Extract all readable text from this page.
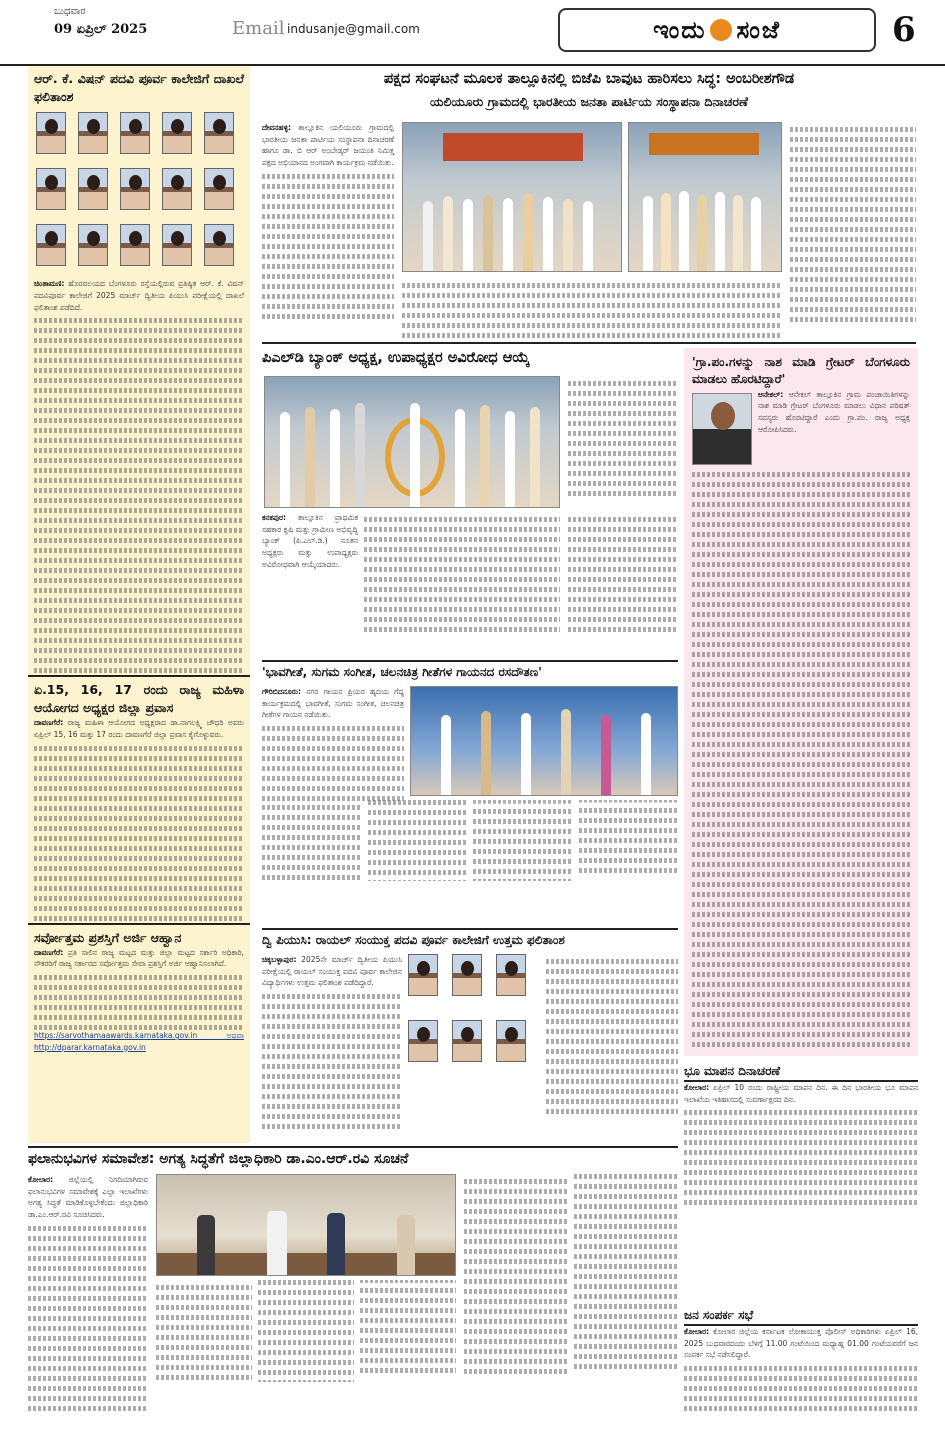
ಬುಧವಾರ
09 ಏಪ್ರಿಲ್ 2025	Email indusanje@gmail.com	ಇಂದು ಸಂಜೆ	6
ಆರ್. ಕೆ. ವಿಷನ್ ಪದವಿ ಪೂರ್ವ ಕಾಲೇಜಿಗೆ ದಾಖಲೆ ಫಲಿತಾಂಶ
ಚಿಂತಾಮಣಿ: ಹೊರವಲಯದ ಬೆಂಗಳೂರು ರಸ್ತೆಯಲ್ಲಿರುವ ಪ್ರತಿಷ್ಠಿತ ಆರ್. ಕೆ. ವಿಷನ್ ಪದವಿಪೂರ್ವ ಕಾಲೇಜಿಗೆ 2025 ಮಾರ್ಚ್ ದ್ವಿತೀಯ ಪಿಯುಸಿ ಪರೀಕ್ಷೆಯಲ್ಲಿ ದಾಖಲೆ ಫಲಿತಾಂಶ ಪಡೆದಿದೆ.
ಏ.15, 16, 17 ರಂದು ರಾಜ್ಯ ಮಹಿಳಾ ಆಯೋಗದ ಅಧ್ಯಕ್ಷರ ಜಿಲ್ಲಾ ಪ್ರವಾಸ
ದಾವಣಗೆರೆ: ರಾಜ್ಯ ಮಹಿಳಾ ಆಯೋಗದ ಅಧ್ಯಕ್ಷರಾದ ಡಾ.ನಾಗಲಕ್ಷ್ಮಿ ಚೌಧರಿ ಅವರು ಏಪ್ರಿಲ್ 15, 16 ಮತ್ತು 17 ರಂದು ದಾವಣಗೆರೆ ಜಿಲ್ಲಾ ಪ್ರವಾಸ ಕೈಗೊಳ್ಳುವರು.
ಸರ್ವೋತ್ತಮ ಪ್ರಶಸ್ತಿಗೆ ಅರ್ಜಿ ಆಹ್ವಾನ
ದಾವಣಗೆರೆ: ಪ್ರತಿ ಸಾಲಿನ ರಾಜ್ಯ ಮಟ್ಟದ ಮತ್ತು ಜಿಲ್ಲಾ ಮಟ್ಟದ ಸರ್ಕಾರಿ ಅಧಿಕಾರಿ, ನೌಕರರಿಗೆ ರಾಜ್ಯ ಸರ್ಕಾರದ ಸರ್ವೋತ್ತಮ ಸೇವಾ ಪ್ರಶಸ್ತಿಗೆ ಅರ್ಜಿ ಆಹ್ವಾನಿಸಲಾಗಿದೆ.
https://sarvothamaawards.karnataka.gov.in ಅಥವಾ http://dparar.karnataka.gov.in
ಪಕ್ಷದ ಸಂಘಟನೆ ಮೂಲಕ ತಾಲ್ಲೂಕಿನಲ್ಲಿ ಬಿಜೆಪಿ ಬಾವುಟ ಹಾರಿಸಲು ಸಿದ್ಧ: ಅಂಬರೀಶಗೌಡ
ಯಲಿಯೂರು ಗ್ರಾಮದಲ್ಲಿ ಭಾರತೀಯ ಜನತಾ ಪಾರ್ಟಿಯ ಸಂಸ್ಥಾಪನಾ ದಿನಾಚರಣೆ
ದೇವನಹಳ್ಳಿ: ತಾಲ್ಲೂಕಿನ ಯಲಿಯೂರು ಗ್ರಾಮದಲ್ಲಿ ಭಾರತೀಯ ಜನತಾ ಪಾರ್ಟಿಯ ಸಂಸ್ಥಾಪನಾ ದಿನಾಚರಣೆ ಹಾಗೂ ಡಾ. ಬಿ ಆರ್ ಅಂಬೇಡ್ಕರ್ ಜಯಂತಿ ನಿಮಿತ್ತ ಪಕ್ಷದ ಅಭಿಯಾನದ ಅಂಗವಾಗಿ ಕಾರ್ಯಕ್ರಮ ನಡೆಯಿತು.
ಪಿಎಲ್‌ಡಿ ಬ್ಯಾಂಕ್ ಅಧ್ಯಕ್ಷ, ಉಪಾಧ್ಯಕ್ಷರ ಅವಿರೋಧ ಆಯ್ಕೆ
ಕನಕಪುರ: ತಾಲ್ಲೂಕಿನ ಪ್ರಾಥಮಿಕ ಸಹಕಾರ ಕೃಷಿ ಮತ್ತು ಗ್ರಾಮೀಣ ಅಭಿವೃದ್ಧಿ ಬ್ಯಾಂಕ್ (ಪಿ.ಎಲ್.ಡಿ.) ನೂತನ ಅಧ್ಯಕ್ಷರು ಮತ್ತು ಉಪಾಧ್ಯಕ್ಷರು ಅವಿರೋಧವಾಗಿ ಆಯ್ಕೆಯಾದರು.
'ಭಾವಗೀತೆ, ಸುಗಮ ಸಂಗೀತ, ಚಲನಚಿತ್ರ ಗೀತೆಗಳ ಗಾಯನದ ರಸದೌತಣ'
ಗೌರಿಬಿದನೂರು: ನಗರ ಗಾಯನ ಪ್ರಿಯರ ಹೃದಯ ಗೆದ್ದ ಕಾರ್ಯಕ್ರಮದಲ್ಲಿ ಭಾವಗೀತೆ, ಸುಗಮ ಸಂಗೀತ, ಚಲನಚಿತ್ರ ಗೀತೆಗಳ ಗಾಯನ ನಡೆಯಿತು.
ದ್ವಿ ಪಿಯುಸಿ: ರಾಯಲ್ ಸಂಯುಕ್ತ ಪದವಿ ಪೂರ್ವ ಕಾಲೇಜಿಗೆ ಉತ್ತಮ ಫಲಿತಾಂಶ
ಚಿಕ್ಕಬಳ್ಳಾಪುರ: 2025ನೇ ಮಾರ್ಚ್ ದ್ವಿತೀಯ ಪಿಯುಸಿ ಪರೀಕ್ಷೆಯಲ್ಲಿ ರಾಯಲ್ ಸಂಯುಕ್ತ ಪದವಿ ಪೂರ್ವ ಕಾಲೇಜಿನ ವಿದ್ಯಾರ್ಥಿಗಳು ಉತ್ತಮ ಫಲಿತಾಂಶ ಪಡೆದಿದ್ದಾರೆ.
'ಗ್ರಾ.ಪಂ.ಗಳನ್ನು ನಾಶ ಮಾಡಿ ಗ್ರೇಟರ್ ಬೆಂಗಳೂರು ಮಾಡಲು ಹೊರಟಿದ್ದಾರೆ'
ಆನೇಕಲ್: ಆನೇಕಲ್ ತಾಲ್ಲೂಕಿನ ಗ್ರಾಮ ಪಂಚಾಯಿತಿಗಳನ್ನು ನಾಶ ಮಾಡಿ ಗ್ರೇಟರ್ ಬೆಂಗಳೂರು ಮಾಡಲು ವಿಧಾನ ಪರಿಷತ್ ಸದಸ್ಯರು ಹೊರಟಿದ್ದಾರೆ ಎಂದು ಗ್ರಾ.ಪಂ. ರಾಜ್ಯ ಅಧ್ಯಕ್ಷ ಆರೋಪಿಸಿದರು.
ಭೂ ಮಾಪನ ದಿನಾಚರಣೆ
ಕೋಲಾರ: ಏಪ್ರಿಲ್ 10 ರಂದು ರಾಷ್ಟ್ರೀಯ ಮಾಪನ ದಿನ. ಈ ದಿನ ಭಾರತೀಯ ಭೂ ಮಾಪನ ಇಲಾಖೆಯ ಇತಿಹಾಸದಲ್ಲಿ ಸುವರ್ಣಾಕ್ಷರದ ದಿನ.
ಜನ ಸಂಪರ್ಕ ಸಭೆ
ಕೋಲಾರ: ಕೋಲಾರ ಜಿಲ್ಲೆಯ ಕರ್ನಾಟಕ ಲೋಕಾಯುಕ್ತ ಪೊಲೀಸ್ ಅಧಿಕಾರಿಗಳು ಏಪ್ರಿಲ್ 16, 2025 ಬುಧವಾರದಂದು ಬೆಳಿಗ್ಗೆ 11.00 ಗಂಟೆಯಿಂದ ಮಧ್ಯಾಹ್ನ 01.00 ಗಂಟೆಯವರೆಗೆ ಜನ ಸಂಪರ್ಕ ಸಭೆ ನಡೆಸಲಿದ್ದಾರೆ.
ಫಲಾನುಭವಿಗಳ ಸಮಾವೇಶ: ಅಗತ್ಯ ಸಿದ್ಧತೆಗೆ ಜಿಲ್ಲಾಧಿಕಾರಿ ಡಾ.ಎಂ.ಆರ್.ರವಿ ಸೂಚನೆ
ಕೋಲಾರ: ಜಿಲ್ಲೆಯಲ್ಲಿ ನಿಗದಿಯಾಗಿರುವ ಫಲಾನುಭವಿಗಳ ಸಮಾವೇಶಕ್ಕೆ ಎಲ್ಲಾ ಇಲಾಖೆಗಳು ಅಗತ್ಯ ಸಿದ್ಧತೆ ಮಾಡಿಕೊಳ್ಳಬೇಕೆಂದು ಜಿಲ್ಲಾಧಿಕಾರಿ ಡಾ.ಎಂ.ಆರ್.ರವಿ ಸೂಚಿಸಿದರು.
